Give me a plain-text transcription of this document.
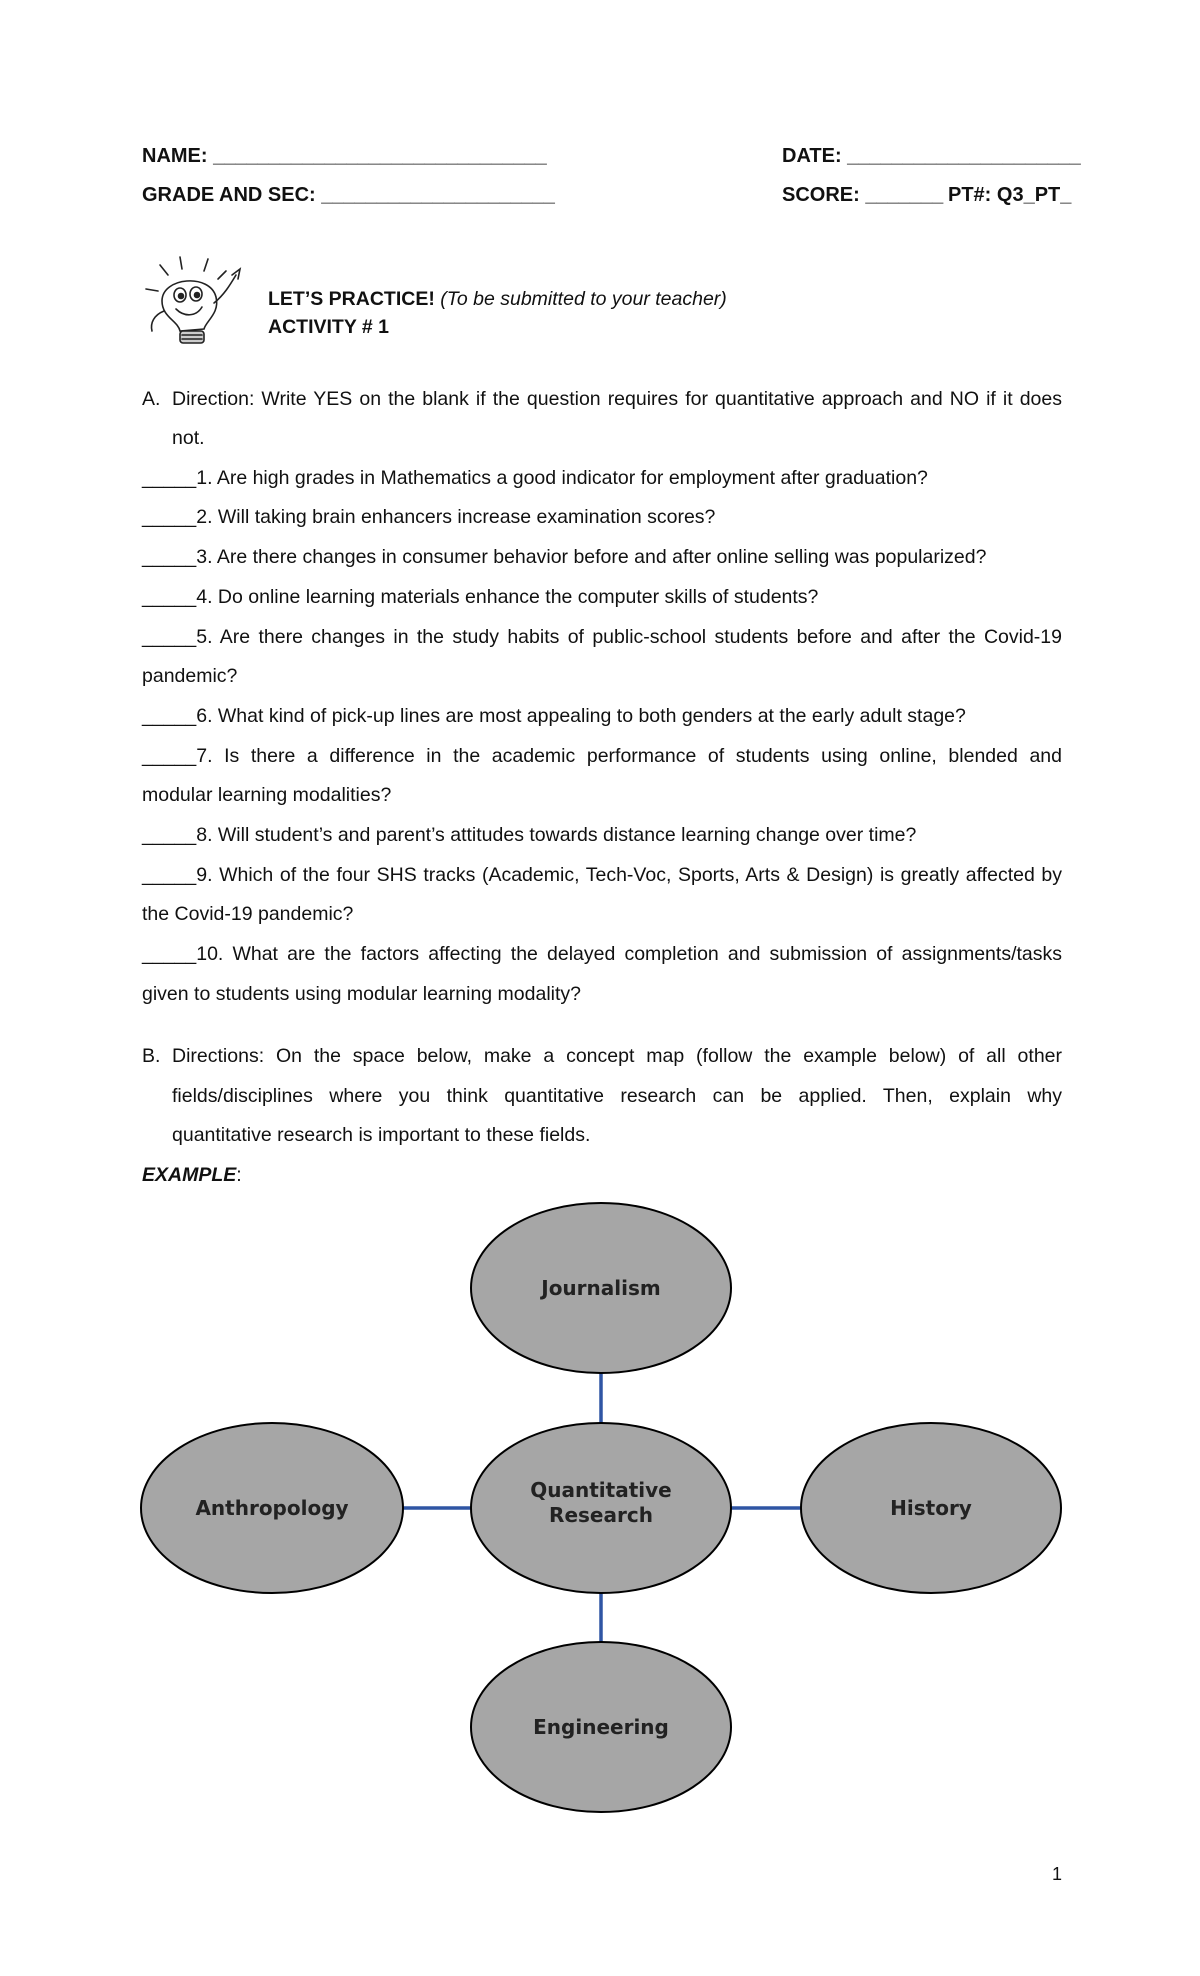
NAME: ______________________________	DATE: _____________________
GRADE AND SEC: _____________________	SCORE: _______ PT#: Q3_PT_
LET’S PRACTICE! (To be submitted to your teacher)
ACTIVITY # 1
A. Direction: Write YES on the blank if the question requires for quantitative approach and NO if it does
not.
_____1. Are high grades in Mathematics a good indicator for employment after graduation?
_____2. Will taking brain enhancers increase examination scores?
_____3. Are there changes in consumer behavior before and after online selling was popularized?
_____4. Do online learning materials enhance the computer skills of students?
_____5. Are there changes in the study habits of public-school students before and after the Covid-19
pandemic?
_____6. What kind of pick-up lines are most appealing to both genders at the early adult stage?
_____7. Is there a difference in the academic performance of students using online, blended and
modular learning modalities?
_____8. Will student’s and parent’s attitudes towards distance learning change over time?
_____9. Which of the four SHS tracks (Academic, Tech-Voc, Sports, Arts & Design) is greatly affected by
the Covid-19 pandemic?
_____10. What are the factors affecting the delayed completion and submission of assignments/tasks
given to students using modular learning modality?
B. Directions: On the space below, make a concept map (follow the example below) of all other
fields/disciplines where you think quantitative research can be applied. Then, explain why
quantitative research is important to these fields.
EXAMPLE:
Journalism
Anthropology
Quantitative
Research	History
Engineering
1
